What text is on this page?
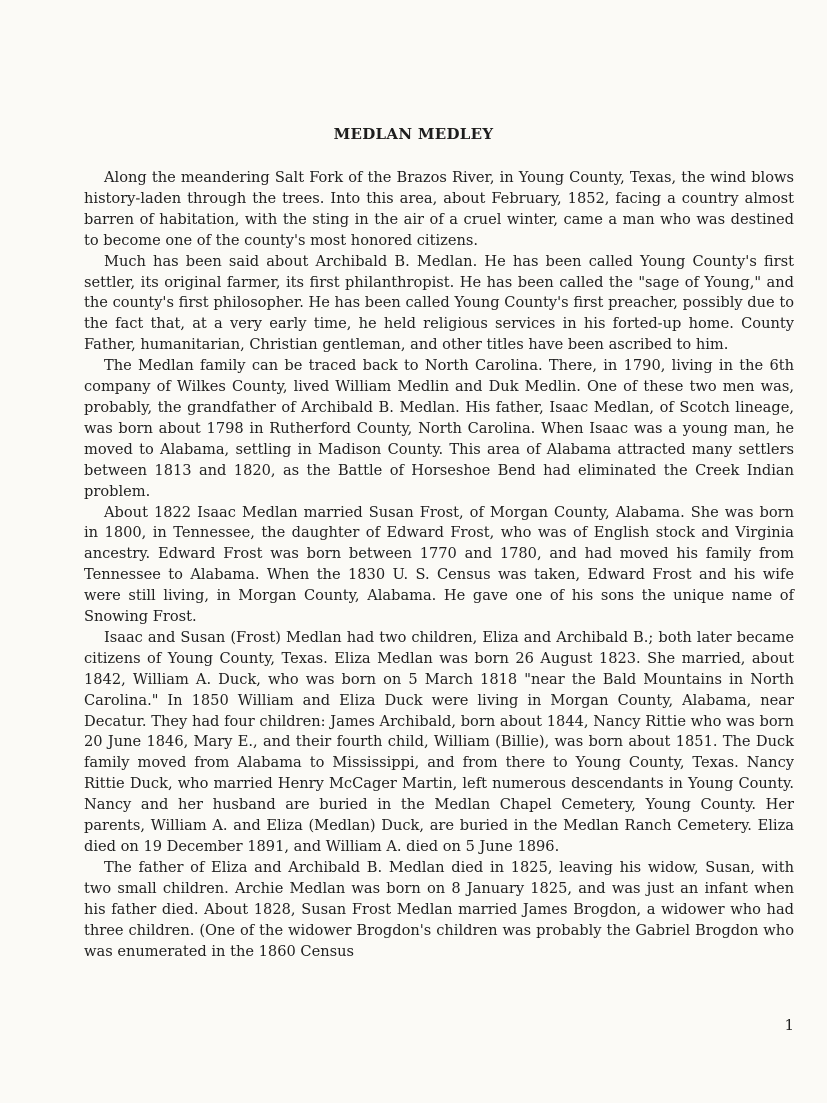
MEDLAN MEDLEY

Along the meandering Salt Fork of the Brazos River, in Young County, Texas, the wind blows history-laden through the trees. Into this area, about February, 1852, facing a country almost barren of habitation, with the sting in the air of a cruel winter, came a man who was destined to become one of the county's most honored citizens.

Much has been said about Archibald B. Medlan. He has been called Young County's first settler, its original farmer, its first philanthropist. He has been called the "sage of Young," and the county's first philosopher. He has been called Young County's first preacher, possibly due to the fact that, at a very early time, he held religious services in his forted-up home. County Father, humanitarian, Christian gentleman, and other titles have been ascribed to him.

The Medlan family can be traced back to North Carolina. There, in 1790, living in the 6th company of Wilkes County, lived William Medlin and Duk Medlin. One of these two men was, probably, the grandfather of Archibald B. Medlan. His father, Isaac Medlan, of Scotch lineage, was born about 1798 in Rutherford County, North Carolina. When Isaac was a young man, he moved to Alabama, settling in Madison County. This area of Alabama attracted many settlers between 1813 and 1820, as the Battle of Horseshoe Bend had eliminated the Creek Indian problem.

About 1822 Isaac Medlan married Susan Frost, of Morgan County, Alabama. She was born in 1800, in Tennessee, the daughter of Edward Frost, who was of English stock and Virginia ancestry. Edward Frost was born between 1770 and 1780, and had moved his family from Tennessee to Alabama. When the 1830 U. S. Census was taken, Edward Frost and his wife were still living, in Morgan County, Alabama. He gave one of his sons the unique name of Snowing Frost.

Isaac and Susan (Frost) Medlan had two children, Eliza and Archibald B.; both later became citizens of Young County, Texas. Eliza Medlan was born 26 August 1823. She married, about 1842, William A. Duck, who was born on 5 March 1818 "near the Bald Mountains in North Carolina." In 1850 William and Eliza Duck were living in Morgan County, Alabama, near Decatur. They had four children: James Archibald, born about 1844, Nancy Rittie who was born 20 June 1846, Mary E., and their fourth child, William (Billie), was born about 1851. The Duck family moved from Alabama to Mississippi, and from there to Young County, Texas. Nancy Rittie Duck, who married Henry McCager Martin, left numerous descendants in Young County. Nancy and her husband are buried in the Medlan Chapel Cemetery, Young County. Her parents, William A. and Eliza (Medlan) Duck, are buried in the Medlan Ranch Cemetery. Eliza died on 19 December 1891, and William A. died on 5 June 1896.

The father of Eliza and Archibald B. Medlan died in 1825, leaving his widow, Susan, with two small children. Archie Medlan was born on 8 January 1825, and was just an infant when his father died. About 1828, Susan Frost Medlan married James Brogdon, a widower who had three children. (One of the widower Brogdon's children was probably the Gabriel Brogdon who was enumerated in the 1860 Census

1
